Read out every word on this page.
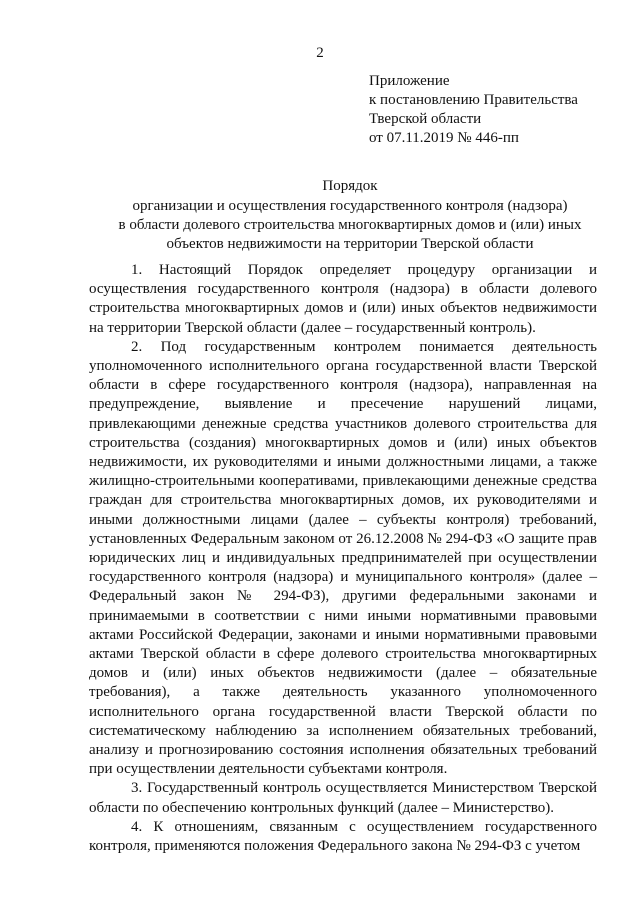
2
Приложение
к постановлению Правительства
Тверской области
от 07.11.2019 № 446-пп
Порядок
организации и осуществления государственного контроля (надзора)
в области долевого строительства многоквартирных домов и (или) иных
объектов недвижимости на территории Тверской области

1. Настоящий Порядок определяет процедуру организации и осуществления государственного контроля (надзора) в области долевого строительства многоквартирных домов и (или) иных объектов недвижимости на территории Тверской области (далее – государственный контроль).

2. Под государственным контролем понимается деятельность уполномоченного исполнительного органа государственной власти Тверской области в сфере государственного контроля (надзора), направленная на предупреждение, выявление и пресечение нарушений лицами, привлекающими денежные средства участников долевого строительства для строительства (создания) многоквартирных домов и (или) иных объектов недвижимости, их руководителями и иными должностными лицами, а также жилищно-строительными кооперативами, привлекающими денежные средства граждан для строительства многоквартирных домов, их руководителями и иными должностными лицами (далее – субъекты контроля) требований, установленных Федеральным законом от 26.12.2008 № 294-ФЗ «О защите прав юридических лиц и индивидуальных предпринимателей при осуществлении государственного контроля (надзора) и муниципального контроля» (далее – Федеральный закон № 294-ФЗ), другими федеральными законами и принимаемыми в соответствии с ними иными нормативными правовыми актами Российской Федерации, законами и иными нормативными правовыми актами Тверской области в сфере долевого строительства многоквартирных домов и (или) иных объектов недвижимости (далее – обязательные требования), а также деятельность указанного уполномоченного исполнительного органа государственной власти Тверской области по систематическому наблюдению за исполнением обязательных требований, анализу и прогнозированию состояния исполнения обязательных требований при осуществлении деятельности субъектами контроля.

3. Государственный контроль осуществляется Министерством Тверской области по обеспечению контрольных функций (далее – Министерство).

4. К отношениям, связанным с осуществлением государственного контроля, применяются положения Федерального закона № 294-ФЗ с учетом
